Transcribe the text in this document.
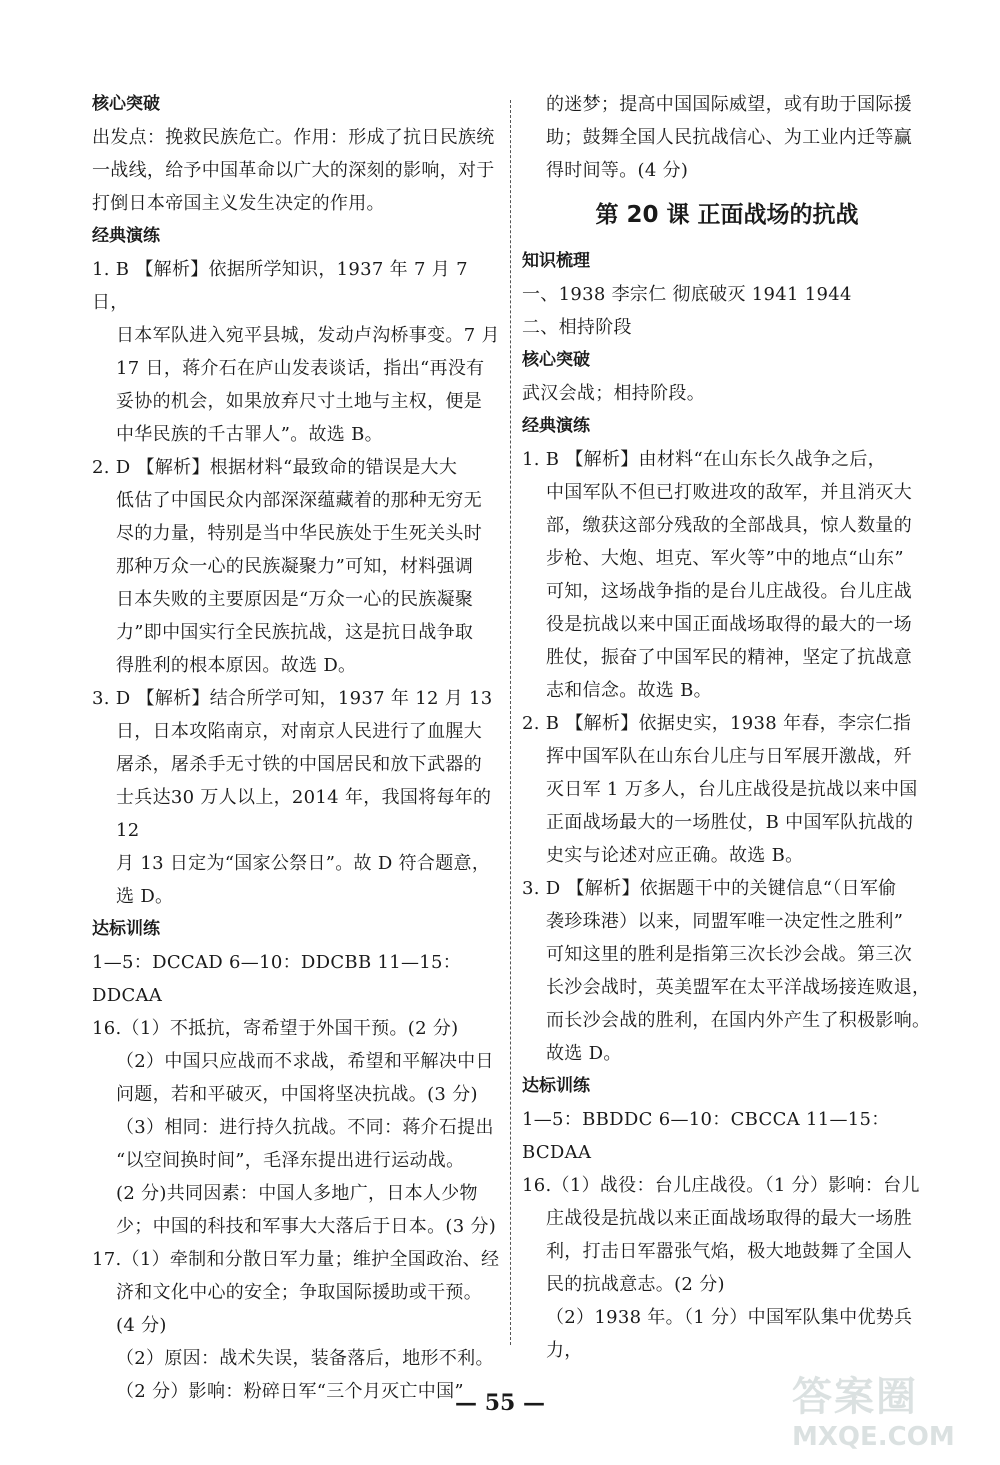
核心突破
出发点：挽救民族危亡。作用：形成了抗日民族统
一战线，给予中国革命以广大的深刻的影响，对于
打倒日本帝国主义发生决定的作用。
经典演练
1. B 【解析】依据所学知识，1937 年 7 月 7 日，
日本军队进入宛平县城，发动卢沟桥事变。7 月
17 日，蒋介石在庐山发表谈话，指出“再没有
妥协的机会，如果放弃尺寸土地与主权，便是
中华民族的千古罪人”。故选 B。
2. D 【解析】根据材料“最致命的错误是大大
低估了中国民众内部深深蕴藏着的那种无穷无
尽的力量，特别是当中华民族处于生死关头时
那种万众一心的民族凝聚力”可知，材料强调
日本失败的主要原因是“万众一心的民族凝聚
力”即中国实行全民族抗战，这是抗日战争取
得胜利的根本原因。故选 D。
3. D 【解析】结合所学可知，1937 年 12 月 13
日，日本攻陷南京，对南京人民进行了血腥大
屠杀，屠杀手无寸铁的中国居民和放下武器的
士兵达30 万人以上，2014 年，我国将每年的12
月 13 日定为“国家公祭日”。故 D 符合题意，
选 D。
达标训练
1—5：DCCAD 6—10：DDCBB 11—15：DDCAA
16.（1）不抵抗，寄希望于外国干预。(2 分)
（2）中国只应战而不求战，希望和平解决中日
问题，若和平破灭，中国将坚决抗战。(3 分)
（3）相同：进行持久抗战。不同：蒋介石提出
“以空间换时间”，毛泽东提出进行运动战。
(2 分)共同因素：中国人多地广，日本人少物
少；中国的科技和军事大大落后于日本。(3 分)
17.（1）牵制和分散日军力量；维护全国政治、经
济和文化中心的安全；争取国际援助或干预。
(4 分)
（2）原因：战术失误，装备落后，地形不利。
（2 分）影响：粉碎日军“三个月灭亡中国”
的迷梦；提高中国国际威望，或有助于国际援
助；鼓舞全国人民抗战信心、为工业内迁等赢
得时间等。(4 分)
第 20 课 正面战场的抗战
知识梳理
一、1938 李宗仁 彻底破灭 1941 1944
二、相持阶段
核心突破
武汉会战；相持阶段。
经典演练
1. B 【解析】由材料“在山东长久战争之后，
中国军队不但已打败进攻的敌军，并且消灭大
部，缴获这部分残敌的全部战具，惊人数量的
步枪、大炮、坦克、军火等”中的地点“山东”
可知，这场战争指的是台儿庄战役。台儿庄战
役是抗战以来中国正面战场取得的最大的一场
胜仗，振奋了中国军民的精神，坚定了抗战意
志和信念。故选 B。
2. B 【解析】依据史实，1938 年春，李宗仁指
挥中国军队在山东台儿庄与日军展开激战，歼
灭日军 1 万多人，台儿庄战役是抗战以来中国
正面战场最大的一场胜仗，B 中国军队抗战的
史实与论述对应正确。故选 B。
3. D 【解析】依据题干中的关键信息“（日军偷
袭珍珠港）以来，同盟军唯一决定性之胜利”
可知这里的胜利是指第三次长沙会战。第三次
长沙会战时，英美盟军在太平洋战场接连败退，
而长沙会战的胜利，在国内外产生了积极影响。
故选 D。
达标训练
1—5：BBDDC 6—10：CBCCA 11—15：BCDAA
16.（1）战役：台儿庄战役。（1 分）影响：台儿
庄战役是抗战以来正面战场取得的最大一场胜
利，打击日军嚣张气焰，极大地鼓舞了全国人
民的抗战意志。(2 分)
（2）1938 年。（1 分）中国军队集中优势兵力，
— 55 —	答案圈
MXQE.COM
